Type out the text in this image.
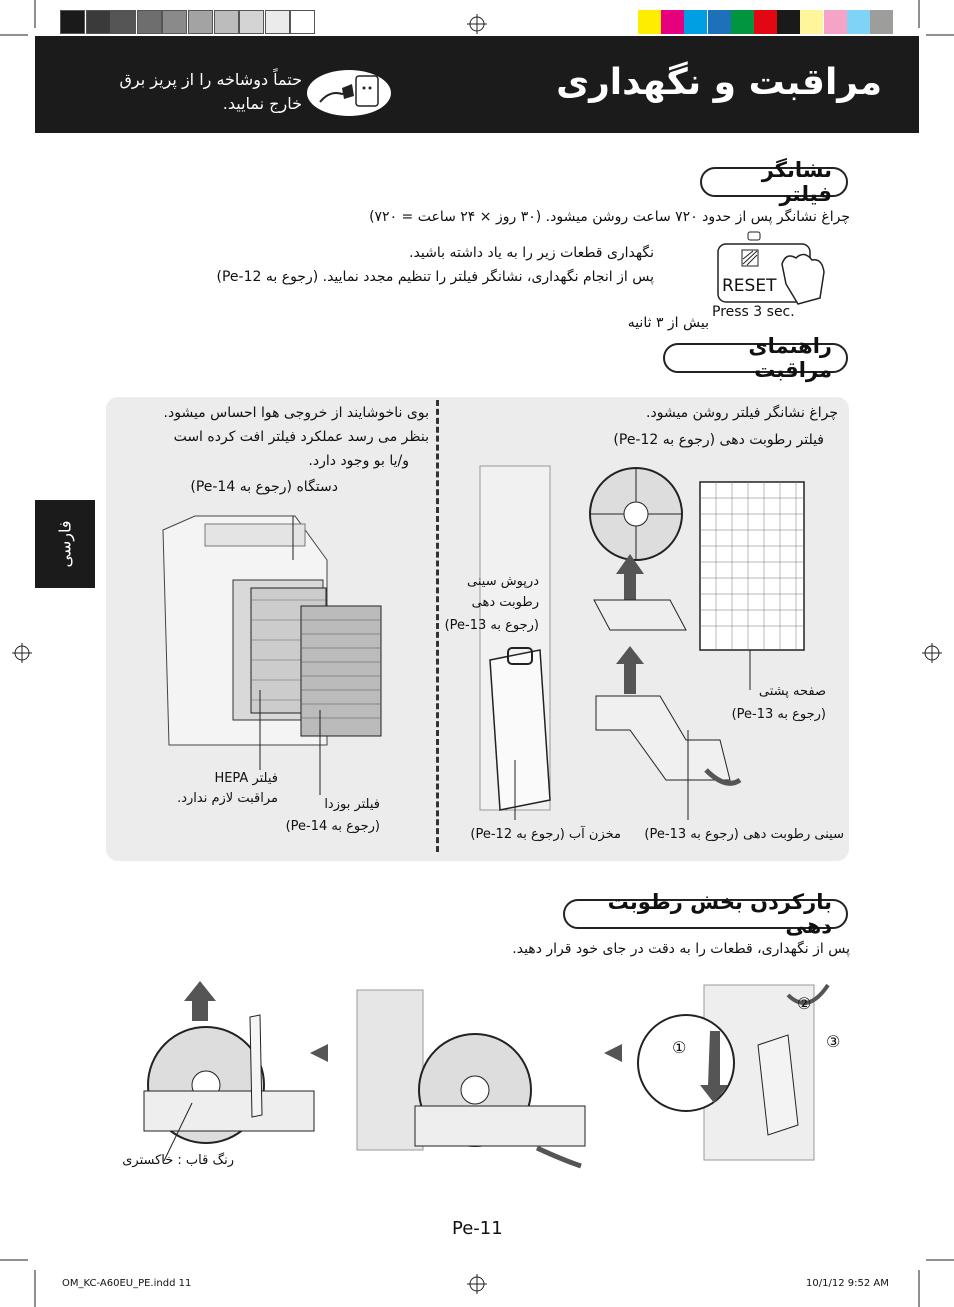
مراقبت و نگهداری
حتماً دوشاخه را از پریز برق
خارج نمایید.
فارسی
نشانگر فیلتر
چراغ نشانگر پس از حدود ۷۲۰ ساعت روشن میشود. (۳۰ روز × ۲۴ ساعت = ۷۲۰)
نگهداری قطعات زیر را به یاد داشته باشید.
پس از انجام نگهداری، نشانگر فیلتر را تنظیم مجدد نمایید. (رجوع به Pe-12)
بیش از ۳ ثانیه
RESET
Press 3 sec.
راهنمای مراقبت
چراغ نشانگر فیلتر روشن میشود.
فیلتر رطوبت دهی (رجوع به Pe-12)
بوی ناخوشایند از خروجی هوا احساس میشود.
بنظر می رسد عملکرد فیلتر افت کرده است
و/یا بو وجود دارد.
دستگاه (رجوع به Pe-14)
فیلتر HEPA
مراقبت لازم ندارد.	فیلتر بوزدا
(رجوع به Pe-14)
درپوش سینی
رطوبت دهی
(رجوع به Pe-13)
صفحه پشتی
(رجوع به Pe-13)
مخزن آب (رجوع به Pe-12)	سینی رطوبت دهی (رجوع به Pe-13)
بازکردن بخش رطوبت دهی
پس از نگهداری، قطعات را به دقت در جای خود قرار دهید.
رنگ قاب : خاکستری
①
②
③
Pe-11
OM_KC-A60EU_PE.indd 11	10/1/12 9:52 AM
